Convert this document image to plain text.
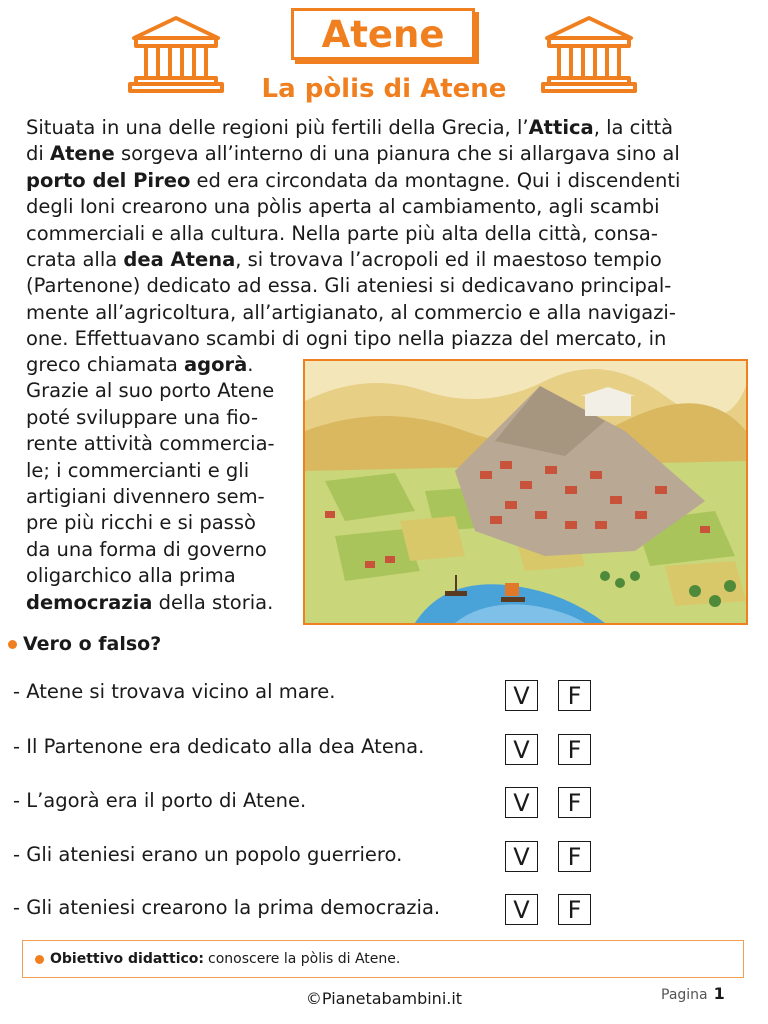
Atene
La pòlis di Atene
Situata in una delle regioni più fertili della Grecia, l’Attica, la città
di Atene sorgeva all’interno di una pianura che si allargava sino al
porto del Pireo ed era circondata da montagne. Qui i discendenti
degli Ioni crearono una pòlis aperta al cambiamento, agli scambi
commerciali e alla cultura. Nella parte più alta della città, consa-
crata alla dea Atena, si trovava l’acropoli ed il maestoso tempio
(Partenone) dedicato ad essa. Gli ateniesi si dedicavano principal-
mente all’agricoltura, all’artigianato, al commercio e alla navigazi-
one. Effettuavano scambi di ogni tipo nella piazza del mercato, in
greco chiamata agorà.
Grazie al suo porto Atene
poté sviluppare una fio-
rente attività commercia-
le; i commercianti e gli
artigiani divennero sem-
pre più ricchi e si passò
da una forma di governo
oligarchico alla prima
democrazia della storia.
Vero o falso?
- Atene si trovava vicino al mare.	V	F
- Il Partenone era dedicato alla dea Atena.	V	F
- L’agorà era il porto di Atene.	V	F
- Gli ateniesi erano un popolo guerriero.	V	F
- Gli ateniesi crearono la prima democrazia.	V	F
Obiettivo didattico: conoscere la pòlis di Atene.
©Pianetabambini.it	Pagina 1
